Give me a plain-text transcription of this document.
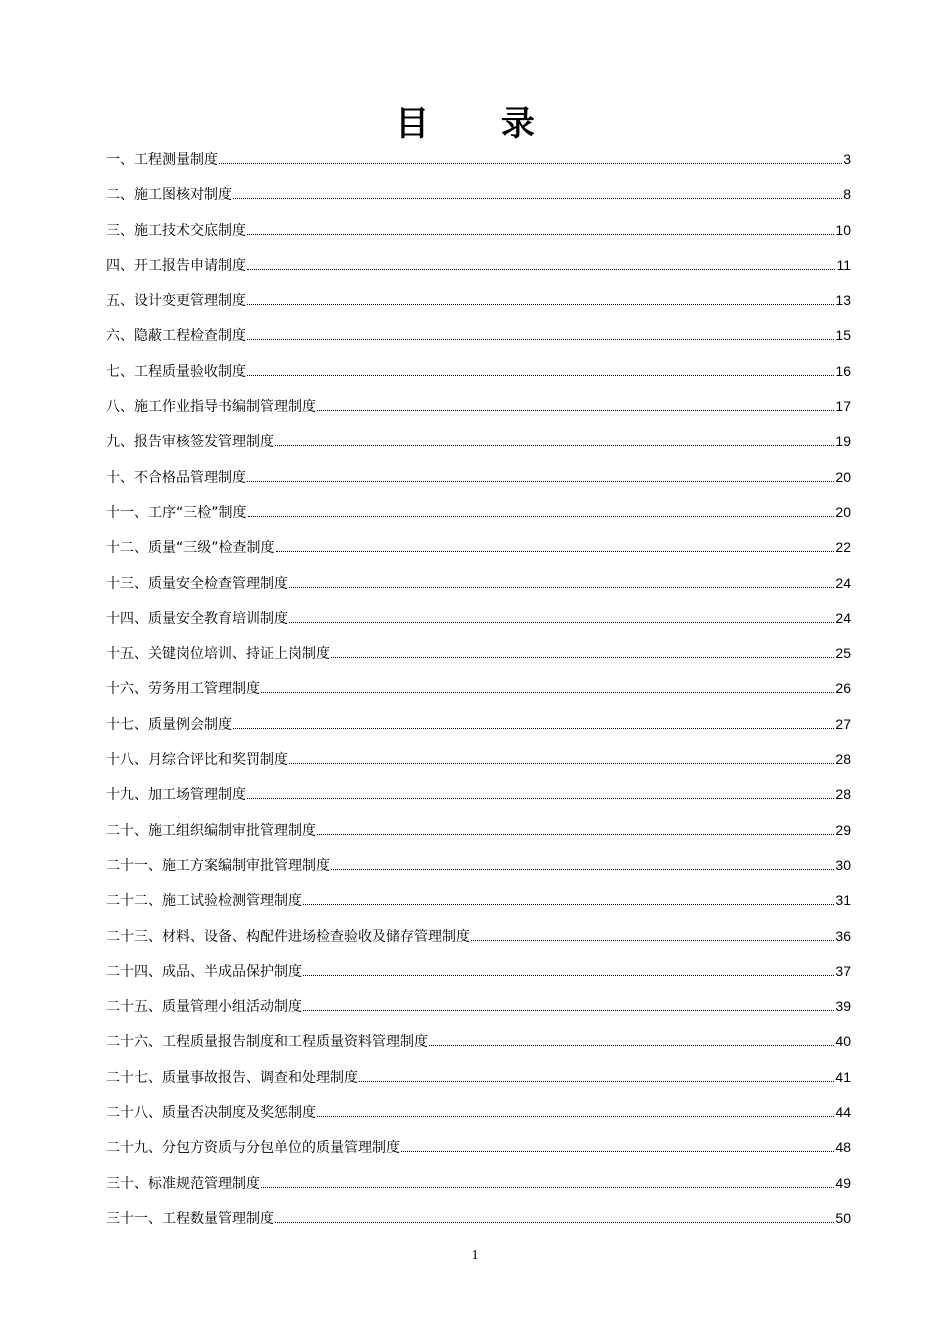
目 录
一、工程测量制度	3
二、施工图核对制度	8
三、施工技术交底制度	10
四、开工报告申请制度	11
五、设计变更管理制度	13
六、隐蔽工程检查制度	15
七、工程质量验收制度	16
八、施工作业指导书编制管理制度	17
九、报告审核签发管理制度	19
十、不合格品管理制度	20
十一、工序“三检”制度	20
十二、质量“三级”检查制度	22
十三、质量安全检查管理制度	24
十四、质量安全教育培训制度	24
十五、关键岗位培训、持证上岗制度	25
十六、劳务用工管理制度	26
十七、质量例会制度	27
十八、月综合评比和奖罚制度	28
十九、加工场管理制度	28
二十、施工组织编制审批管理制度	29
二十一、施工方案编制审批管理制度	30
二十二、施工试验检测管理制度	31
二十三、材料、设备、构配件进场检查验收及储存管理制度	36
二十四、成品、半成品保护制度	37
二十五、质量管理小组活动制度	39
二十六、工程质量报告制度和工程质量资料管理制度	40
二十七、质量事故报告、调查和处理制度	41
二十八、质量否决制度及奖惩制度	44
二十九、分包方资质与分包单位的质量管理制度	48
三十、标准规范管理制度	49
三十一、工程数量管理制度	50
1
